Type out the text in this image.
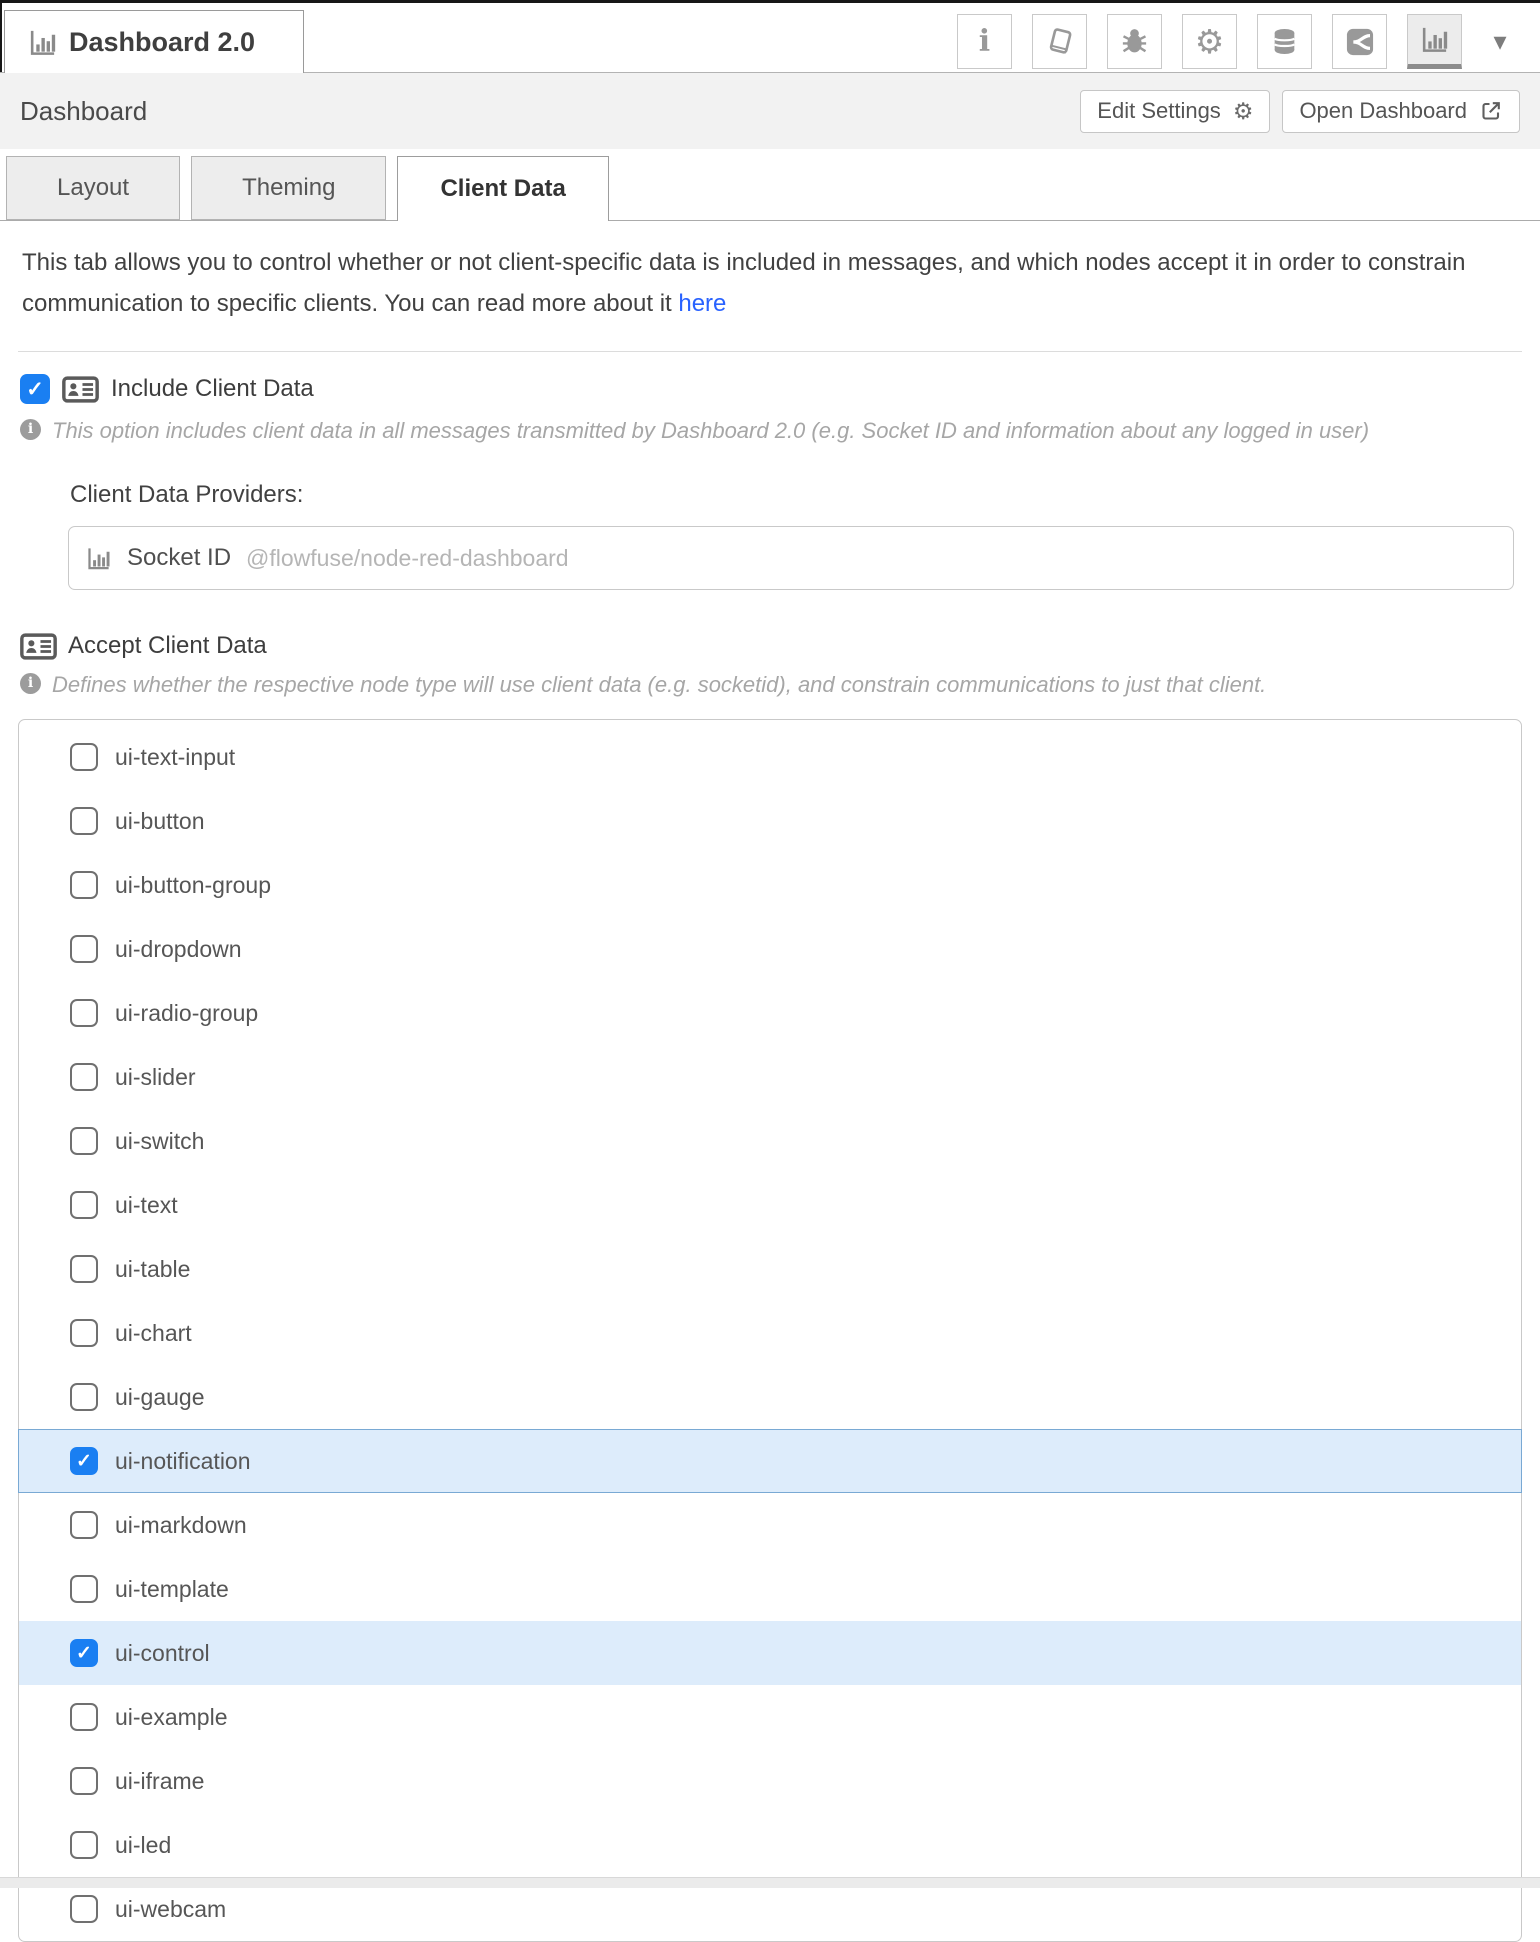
Dashboard 2.0	i	⚙	▾
Dashboard	Edit Settings ⚙ Open Dashboard
Layout	Theming	Client Data

This tab allows you to control whether or not client-specific data is included in messages, and which nodes accept it in order to constrain communication to specific clients. You can read more about it here

✓	Include Client Data
i This option includes client data in all messages transmitted by Dashboard 2.0 (e.g. Socket ID and information about any logged in user)
Client Data Providers:
Socket ID @flowfuse/node-red-dashboard
Accept Client Data
i Defines whether the respective node type will use client data (e.g. socketid), and constrain communications to just that client.
ui-text-input
ui-button
ui-button-group
ui-dropdown
ui-radio-group
ui-slider
ui-switch
ui-text
ui-table
ui-chart
ui-gauge
✓ ui-notification
ui-markdown
ui-template
✓ ui-control
ui-example
ui-iframe
ui-led
ui-webcam
